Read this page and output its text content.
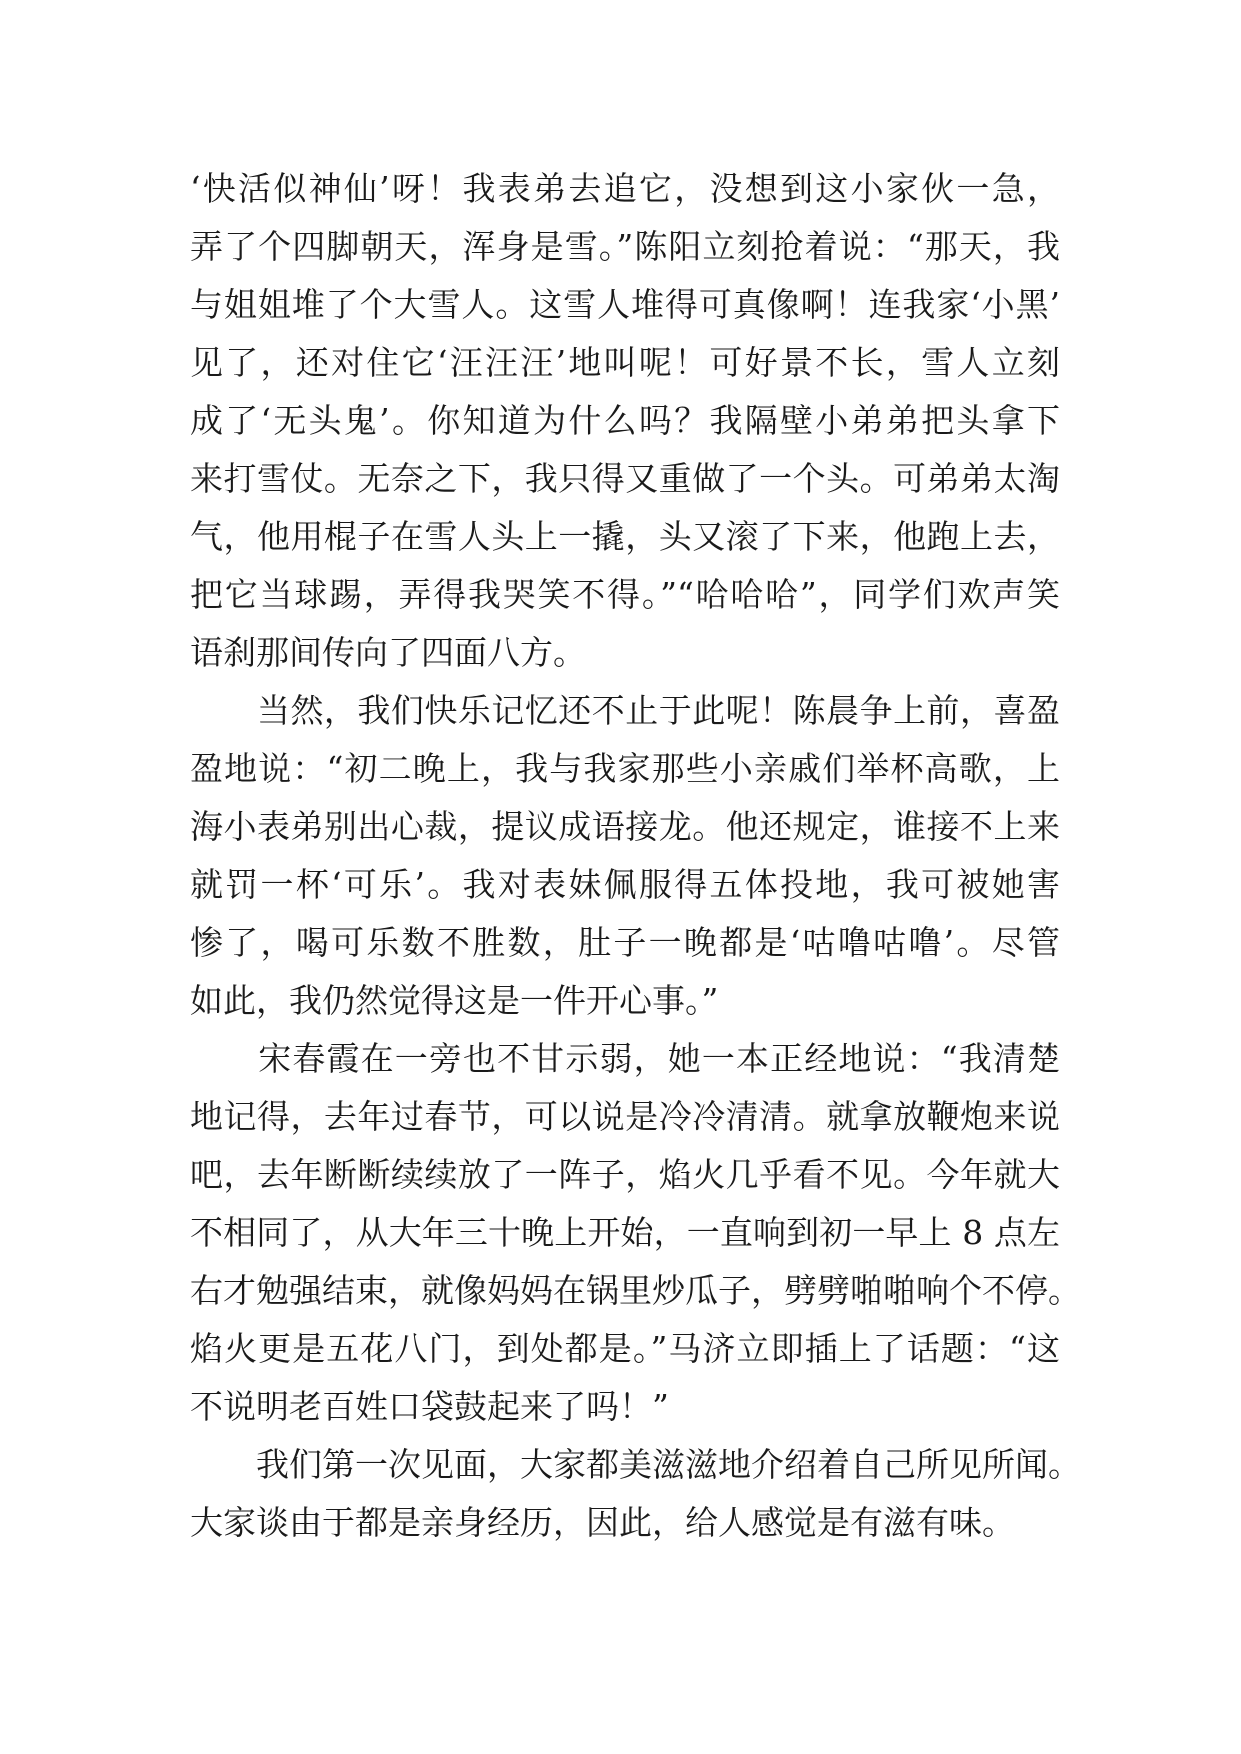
‘快活似神仙’呀！我表弟去追它，没想到这小家伙一急，
弄了个四脚朝天，浑身是雪。”陈阳立刻抢着说：“那天，我
与姐姐堆了个大雪人。这雪人堆得可真像啊！连我家‘小黑’
见了，还对住它‘汪汪汪’地叫呢！可好景不长，雪人立刻
成了‘无头鬼’。你知道为什么吗？我隔壁小弟弟把头拿下
来打雪仗。无奈之下，我只得又重做了一个头。可弟弟太淘
气，他用棍子在雪人头上一撬，头又滚了下来，他跑上去，
把它当球踢，弄得我哭笑不得。”“哈哈哈”，同学们欢声笑
语刹那间传向了四面八方。
　　当然，我们快乐记忆还不止于此呢！陈晨争上前，喜盈
盈地说：“初二晚上，我与我家那些小亲戚们举杯高歌，上
海小表弟别出心裁，提议成语接龙。他还规定，谁接不上来
就罚一杯‘可乐’。我对表妹佩服得五体投地，我可被她害
惨了，喝可乐数不胜数，肚子一晚都是‘咕噜咕噜’。尽管
如此，我仍然觉得这是一件开心事。”
　　宋春霞在一旁也不甘示弱，她一本正经地说：“我清楚
地记得，去年过春节，可以说是冷冷清清。就拿放鞭炮来说
吧，去年断断续续放了一阵子，焰火几乎看不见。今年就大
不相同了，从大年三十晚上开始，一直响到初一早上 8 点左
右才勉强结束，就像妈妈在锅里炒瓜子，劈劈啪啪响个不停。
焰火更是五花八门，到处都是。”马济立即插上了话题：“这
不说明老百姓口袋鼓起来了吗！”
　　我们第一次见面，大家都美滋滋地介绍着自己所见所闻。
大家谈由于都是亲身经历，因此，给人感觉是有滋有味。
